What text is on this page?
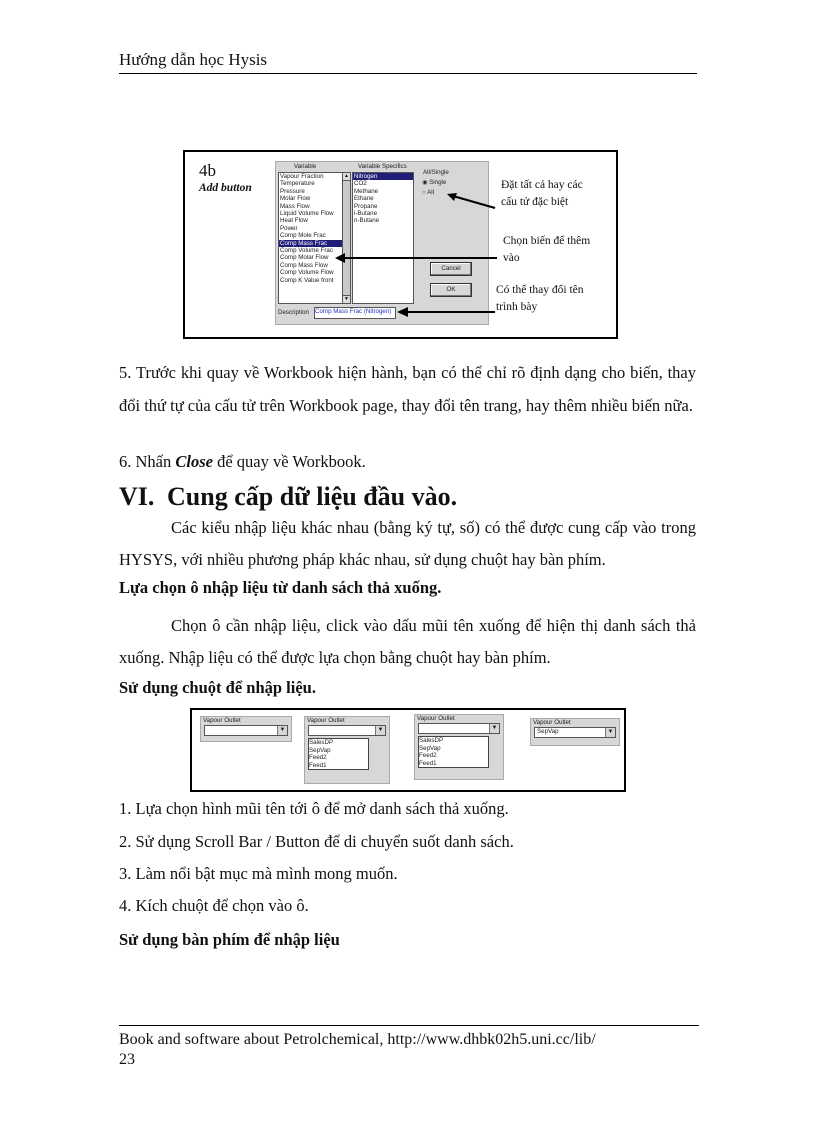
Hướng dẫn học Hysis
4b
Add button
Variable	Variable Specifics
All/Single
Vapour Fraction
Temperature
Pressure
Molar Flow
Mass Flow
Liquid Volume Flow
Heat Flow
Power
Comp Mole Frac
Comp Mass Frac
Comp Volume Frac
Comp Molar Flow
Comp Mass Flow
Comp Volume Flow
Comp K Value front
▲
▼
Nitrogen
CO2
Methane
Ethane
Propane
i-Butane
n-Butane
◉ Single
○ All
Cancel
OK
Description Comp Mass Frac (Nitrogen)
Đặt tất cả hay các cấu tử đặc biệt
Chọn biến để thêm vào
Có thể thay đổi tên trình bày
5. Trước khi quay về Workbook hiện hành, bạn có thể chỉ rõ định dạng cho biến, thay đổi thứ tự của cấu tử trên Workbook page, thay đổi tên trang, hay thêm nhiều biến nữa.
6. Nhấn Close để quay về Workbook.
VI. Cung cấp dữ liệu đầu vào.
Các kiểu nhập liệu khác nhau (bằng ký tự, số) có thể được cung cấp vào trong HYSYS, với nhiều phương pháp khác nhau, sử dụng chuột hay bàn phím.
Lựa chọn ô nhập liệu từ danh sách thả xuống.
Chọn ô cần nhập liệu, click vào dấu mũi tên xuống để hiện thị danh sách thả xuống. Nhập liệu có thể được lựa chọn bằng chuột hay bàn phím.
Sử dụng chuột để nhập liệu.
Vapour Outlet
▼
Vapour Outlet
▼
SalesDP
SepVap
Feed2
Feed1
Vapour Outlet
▼
SalesDP
SepVap
Feed2
Feed1
Vapour Outlet
SepVap	▼
1. Lựa chọn hình mũi tên tới ô để mở danh sách thả xuống.
2. Sử dụng Scroll Bar / Button để di chuyển suốt danh sách.
3. Làm nổi bật mục mà mình mong muốn.
4. Kích chuột để chọn vào ô.
Sử dụng bàn phím để nhập liệu
Book and software about Petrolchemical, http://www.dhbk02h5.uni.cc/lib/
23
